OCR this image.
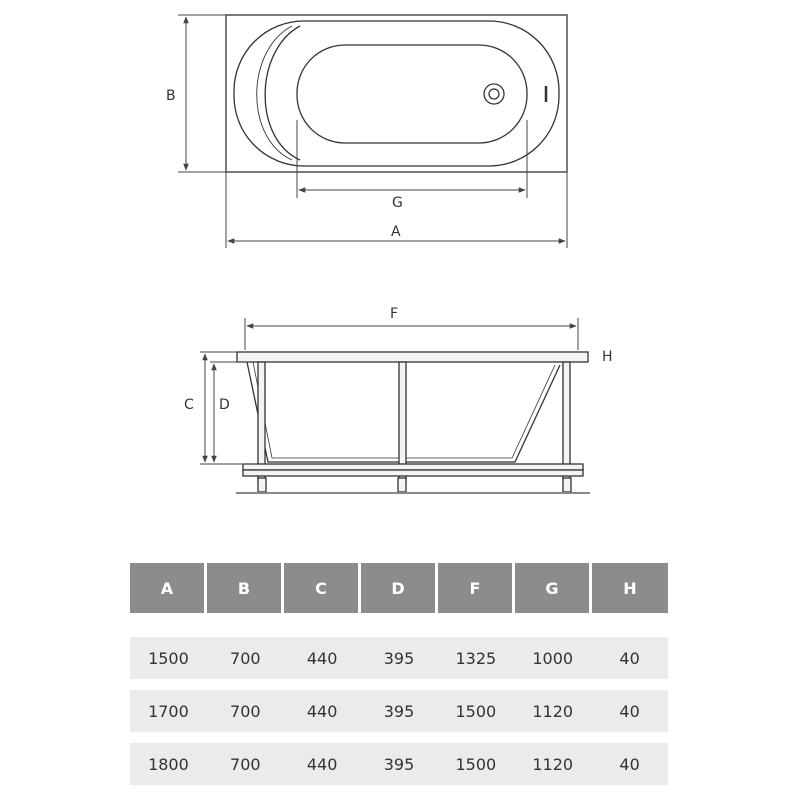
B
G
A
F
H
C D
A	B	C	D	F	G	H
1500	700	440	395	1325	1000	40
1700	700	440	395	1500	1120	40
1800	700	440	395	1500	1120	40
